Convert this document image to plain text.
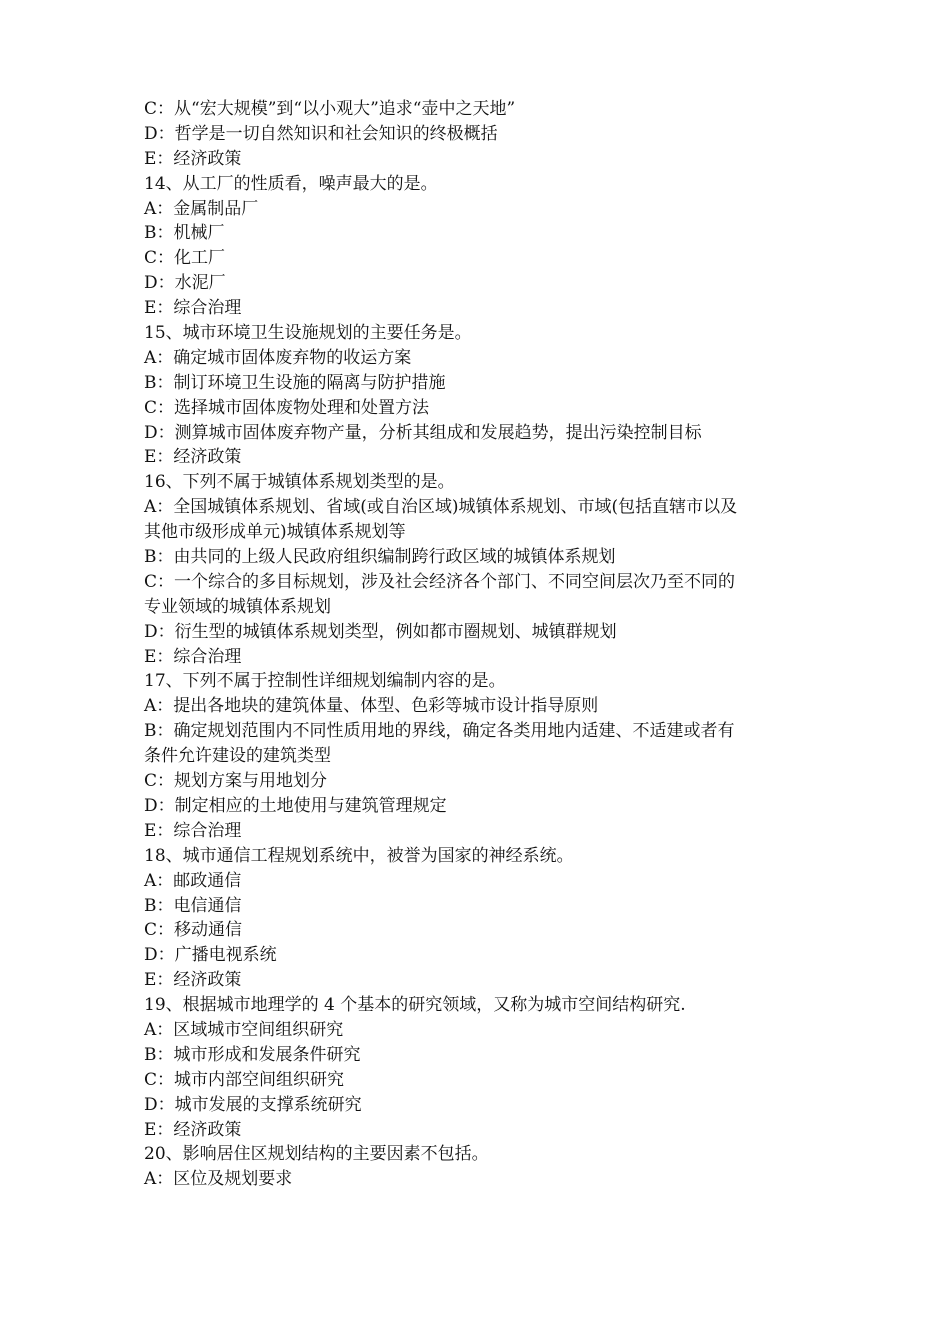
C：从“宏大规模”到“以小观大”追求“壶中之天地”
D：哲学是一切自然知识和社会知识的终极概括
E：经济政策
14、从工厂的性质看，噪声最大的是。
A：金属制品厂
B：机械厂
C：化工厂
D：水泥厂
E：综合治理
15、城市环境卫生设施规划的主要任务是。
A：确定城市固体废弃物的收运方案
B：制订环境卫生设施的隔离与防护措施
C：选择城市固体废物处理和处置方法
D：测算城市固体废弃物产量，分析其组成和发展趋势，提出污染控制目标
E：经济政策
16、下列不属于城镇体系规划类型的是。
A：全国城镇体系规划、省域(或自治区域)城镇体系规划、市域(包括直辖市以及
其他市级形成单元)城镇体系规划等
B：由共同的上级人民政府组织编制跨行政区域的城镇体系规划
C：一个综合的多目标规划，涉及社会经济各个部门、不同空间层次乃至不同的
专业领域的城镇体系规划
D：衍生型的城镇体系规划类型，例如都市圈规划、城镇群规划
E：综合治理
17、下列不属于控制性详细规划编制内容的是。
A：提出各地块的建筑体量、体型、色彩等城市设计指导原则
B：确定规划范围内不同性质用地的界线，确定各类用地内适建、不适建或者有
条件允许建设的建筑类型
C：规划方案与用地划分
D：制定相应的土地使用与建筑管理规定
E：综合治理
18、城市通信工程规划系统中，被誉为国家的神经系统。
A：邮政通信
B：电信通信
C：移动通信
D：广播电视系统
E：经济政策
19、根据城市地理学的 4 个基本的研究领域，又称为城市空间结构研究.
A：区域城市空间组织研究
B：城市形成和发展条件研究
C：城市内部空间组织研究
D：城市发展的支撑系统研究
E：经济政策
20、影响居住区规划结构的主要因素不包括。
A：区位及规划要求
